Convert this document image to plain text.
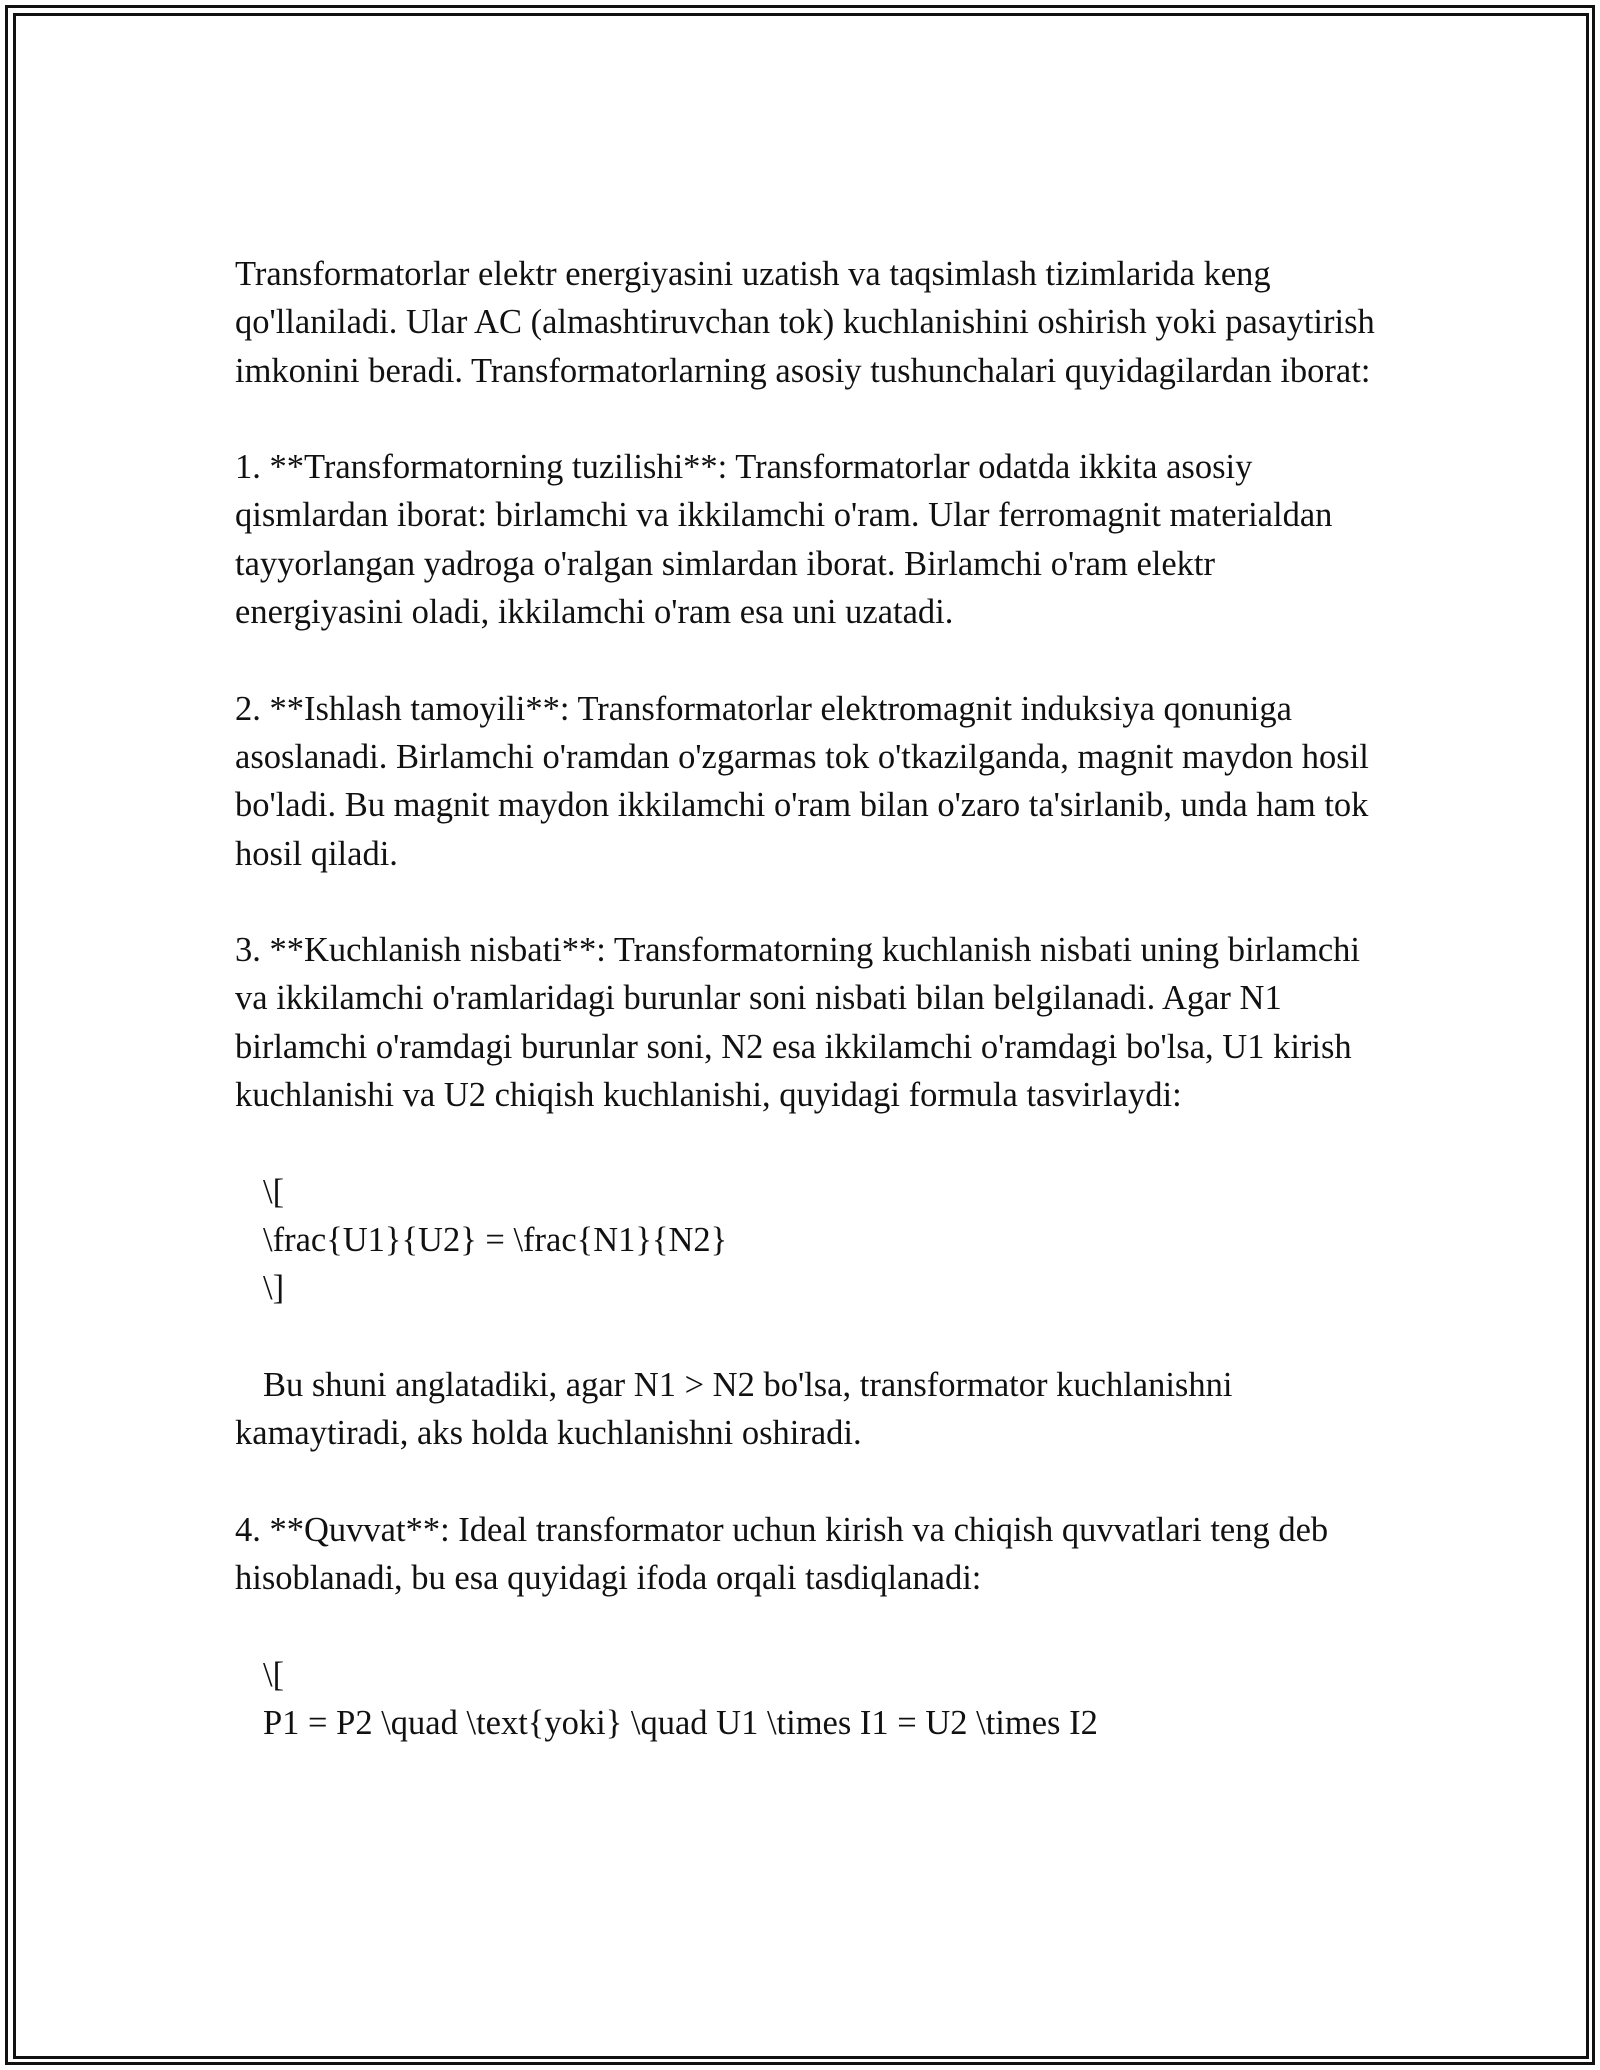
Transformatorlar elektr energiyasini uzatish va taqsimlash tizimlarida keng qo'llaniladi. Ular AC (almashtiruvchan tok) kuchlanishini oshirish yoki pasaytirish imkonini beradi. Transformatorlarning asosiy tushunchalari quyidagilardan iborat:

1. **Transformatorning tuzilishi**: Transformatorlar odatda ikkita asosiy qismlardan iborat: birlamchi va ikkilamchi o'ram. Ular ferromagnit materialdan tayyorlangan yadroga o'ralgan simlardan iborat. Birlamchi o'ram elektr energiyasini oladi, ikkilamchi o'ram esa uni uzatadi.

2. **Ishlash tamoyili**: Transformatorlar elektromagnit induksiya qonuniga asoslanadi. Birlamchi o'ramdan o'zgarmas tok o'tkazilganda, magnit maydon hosil bo'ladi. Bu magnit maydon ikkilamchi o'ram bilan o'zaro ta'sirlanib, unda ham tok hosil qiladi.

3. **Kuchlanish nisbati**: Transformatorning kuchlanish nisbati uning birlamchi va ikkilamchi o'ramlaridagi burunlar soni nisbati bilan belgilanadi. Agar N1 birlamchi o'ramdagi burunlar soni, N2 esa ikkilamchi o'ramdagi bo'lsa, U1 kirish kuchlanishi va U2 chiqish kuchlanishi, quyidagi formula tasvirlaydi:

\[
\frac{U1}{U2} = \frac{N1}{N2}
\]
Bu shuni anglatadiki, agar N1 > N2 bo'lsa, transformator kuchlanishni
kamaytiradi, aks holda kuchlanishni oshiradi.

4. **Quvvat**: Ideal transformator uchun kirish va chiqish quvvatlari teng deb hisoblanadi, bu esa quyidagi ifoda orqali tasdiqlanadi:

\[
P1 = P2 \quad \text{yoki} \quad U1 \times I1 = U2 \times I2
